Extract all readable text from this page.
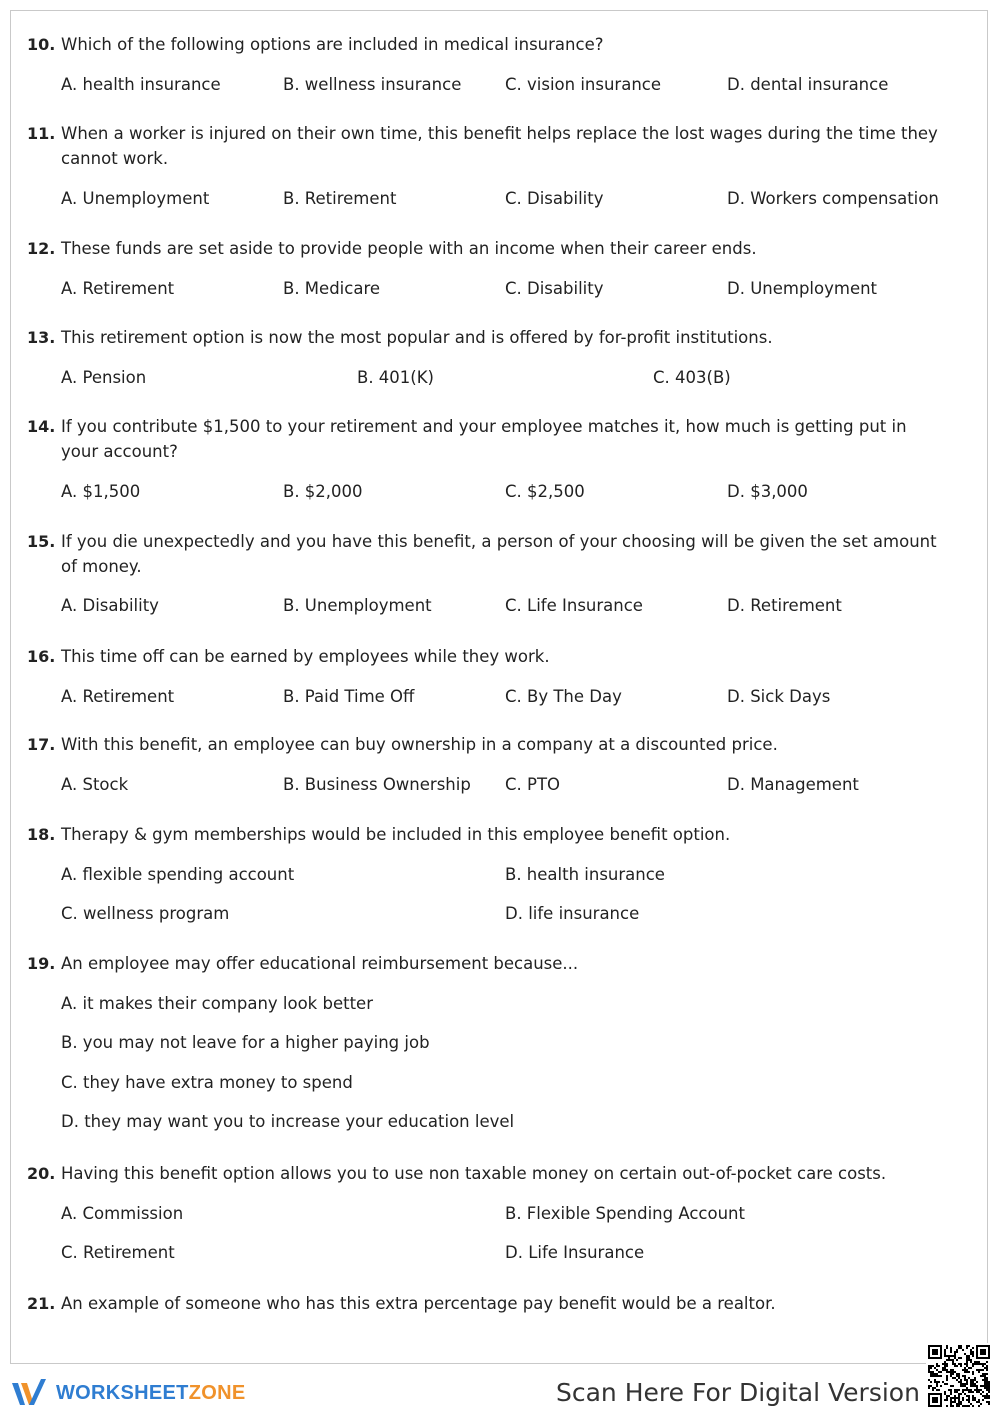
10. Which of the following options are included in medical insurance?
A. health insurance	B. wellness insurance	C. vision insurance	D. dental insurance
11. When a worker is injured on their own time, this benefit helps replace the lost wages during the time they cannot work.
A. Unemployment	B. Retirement	C. Disability	D. Workers compensation
12. These funds are set aside to provide people with an income when their career ends.
A. Retirement	B. Medicare	C. Disability	D. Unemployment
13. This retirement option is now the most popular and is offered by for-profit institutions.
A. Pension	B. 401(K)	C. 403(B)
14. If you contribute $1,500 to your retirement and your employee matches it, how much is getting put in your account?
A. $1,500	B. $2,000	C. $2,500	D. $3,000
15. If you die unexpectedly and you have this benefit, a person of your choosing will be given the set amount of money.
A. Disability	B. Unemployment	C. Life Insurance	D. Retirement
16. This time off can be earned by employees while they work.
A. Retirement	B. Paid Time Off	C. By The Day	D. Sick Days
17. With this benefit, an employee can buy ownership in a company at a discounted price.
A. Stock	B. Business Ownership C. PTO	D. Management
18. Therapy & gym memberships would be included in this employee benefit option.
A. flexible spending account	B. health insurance
C. wellness program	D. life insurance
19. An employee may offer educational reimbursement because...
A. it makes their company look better
B. you may not leave for a higher paying job
C. they have extra money to spend
D. they may want you to increase your education level
20. Having this benefit option allows you to use non taxable money on certain out-of-pocket care costs.
A. Commission	B. Flexible Spending Account
C. Retirement	D. Life Insurance
21. An example of someone who has this extra percentage pay benefit would be a realtor.
WORKSHEETZONE	Scan Here For Digital Version
